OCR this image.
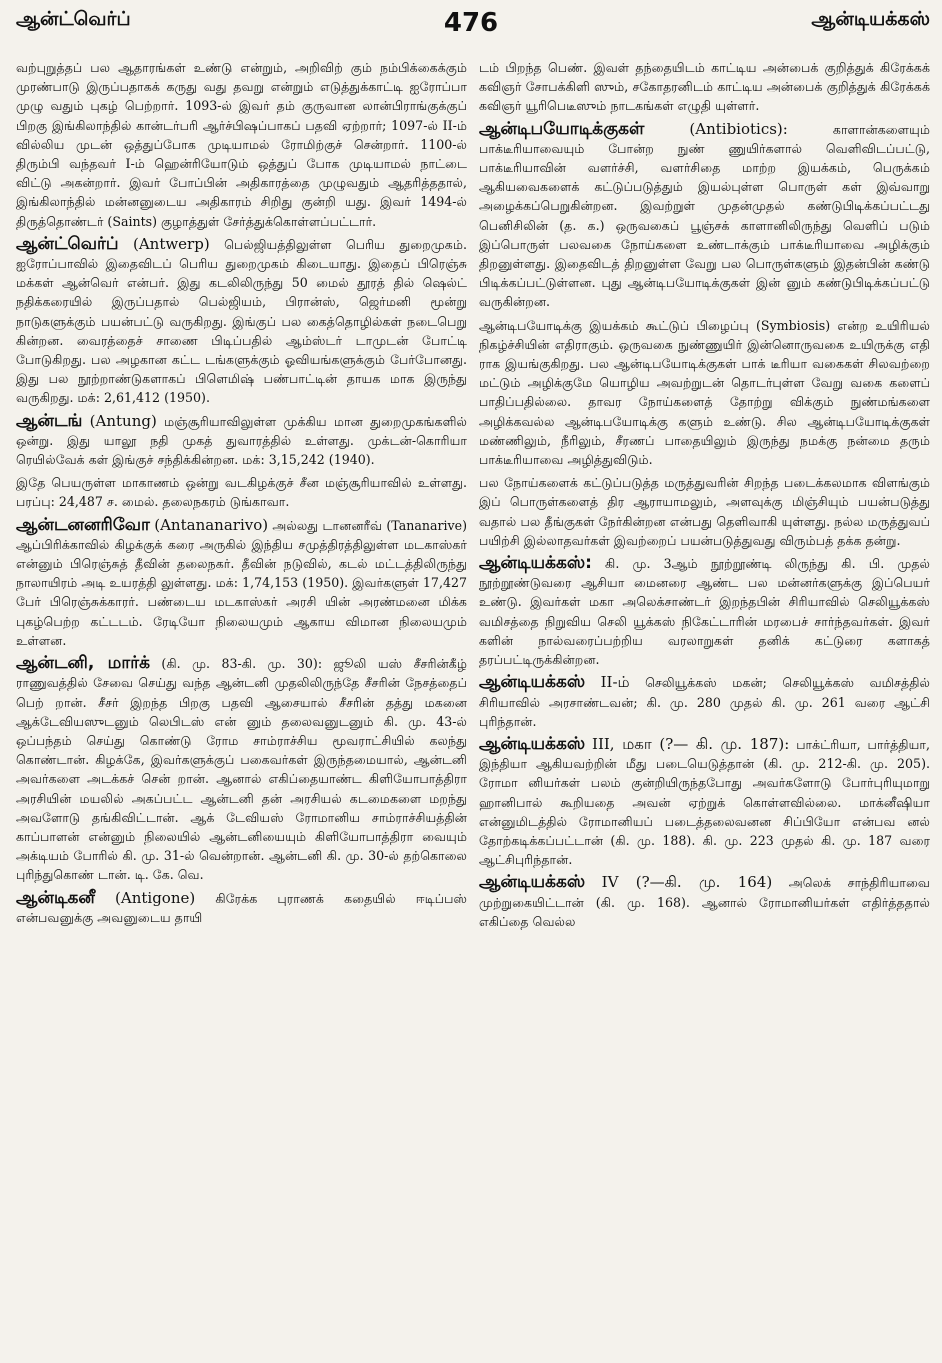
ஆன்ட்வெர்ப்	476	ஆன்டியக்கஸ்

வற்புறுத்தப் பல ஆதாரங்கள் உண்டு என்றும், அறிவிற் கும் நம்பிக்கைக்கும் முரண்பாடு இருப்பதாகக் கருது வது தவறு என்றும் எடுத்துக்காட்டி ஐரோப்பா முழு வதும் புகழ் பெற்றார். 1093-ல் இவர் தம் குருவான லான்பிராங்குக்குப் பிறகு இங்கிலாந்தில் கான்டர்பரி ஆர்ச்பிஷப்பாகப் பதவி ஏற்றார்; 1097-ல் II-ம் வில்லிய முடன் ஒத்துப்போக முடியாமல் ரோமிற்குச் சென்றார். 1100-ல் திரும்பி வந்தவர் I-ம் ஹென்ரியோடும் ஒத்துப் போக முடியாமல் நாட்டை விட்டு அகன்றார். இவர் போப்பின் அதிகாரத்தை முழுவதும் ஆதரித்ததால், இங்கிலாந்தில் மன்னனுடைய அதிகாரம் சிறிது குன்றி யது. இவர் 1494-ல் திருத்தொண்டர் (Saints) குழாத்துள் சேர்த்துக்கொள்ளப்பட்டார்.

ஆன்ட்வெர்ப் (Antwerp) பெல்ஜியத்திலுள்ள பெரிய துறைமுகம். ஐரோப்பாவில் இதைவிடப் பெரிய துறைமுகம் கிடையாது. இதைப் பிரெஞ்சு மக்கள் ஆன்வெர் என்பர். இது கடலிலிருந்து 50 மைல் தூரத் தில் ஷெல்ட் நதிக்கரையில் இருப்பதால் பெல்ஜியம், பிரான்ஸ், ஜெர்மனி மூன்று நாடுகளுக்கும் பயன்பட்டு வருகிறது. இங்குப் பல கைத்தொழில்கள் நடைபெறு கின்றன. வைரத்தைச் சாணை பிடிப்பதில் ஆம்ஸ்டர் டாமுடன் போட்டி போடுகிறது. பல அழகான கட்ட டங்களுக்கும் ஓவியங்களுக்கும் பேர்போனது. இது பல நூற்றாண்டுகளாகப் பிளெமிஷ் பண்பாட்டின் தாயக மாக இருந்து வருகிறது. மக்: 2,61,412 (1950).

ஆன்டங் (Antung) மஞ்சூரியாவிலுள்ள முக்கிய மான துறைமுகங்களில் ஒன்று. இது யாலூ நதி முகத் துவாரத்தில் உள்ளது. முக்டன்-கொரியா ரெயில்வேக் கள் இங்குச் சந்திக்கின்றன. மக்: 3,15,242 (1940).

இதே பெயருள்ள மாகாணம் ஒன்று வடகிழக்குச் சீன மஞ்சூரியாவில் உள்ளது. பரப்பு: 24,487 ச. மைல். தலைநகரம் டுங்காவா.

ஆன்டனனரிவோ (Antananarivo) அல்லது டானனரீவ் (Tananarive) ஆப்பிரிக்காவில் கிழக்குக் கரை அருகில் இந்திய சமுத்திரத்திலுள்ள மடகாஸ்கர் என்னும் பிரெஞ்சுத் தீவின் தலைநகர். தீவின் நடுவில், கடல் மட்டத்திலிருந்து நாலாயிரம் அடி உயரத்தி லுள்ளது. மக்: 1,74,153 (1950). இவர்களுள் 17,427 பேர் பிரெஞ்சுக்காரர். பண்டைய மடகாஸ்கர் அரசி யின் அரண்மனை மிக்க புகழ்பெற்ற கட்டடம். ரேடியோ நிலையமும் ஆகாய விமான நிலையமும் உள்ளன.

ஆன்டனி, மார்க் (கி. மு. 83-கி. மு. 30): ஜூலி யஸ் சீசரின்கீழ் ராணுவத்தில் சேவை செய்து வந்த ஆன்டனி முதலிலிருந்தே சீசரின் நேசத்தைப் பெற் றான். சீசர் இறந்த பிறகு பதவி ஆசையால் சீசரின் தத்து மகனை ஆக்டேவியஸுடனும் லெபிடஸ் என் னும் தலைவனுடனும் கி. மு. 43-ல் ஒப்பந்தம் செய்து கொண்டு ரோம சாம்ராச்சிய மூவராட்சியில் கலந்து கொண்டான். கிழக்கே, இவர்களுக்குப் பகைவர்கள் இருந்தமையால், ஆன்டனி அவர்களை அடக்கச் சென் றான். ஆனால் எகிப்தையாண்ட கிளியோபாத்திரா அரசியின் மயலில் அகப்பட்ட ஆன்டனி தன் அரசியல் கடமைகளை மறந்து அவளோடு தங்கிவிட்டான். ஆக் டேவியஸ் ரோமானிய சாம்ராச்சியத்தின் காப்பாளன் என்னும் நிலையில் ஆன்டனியையும் கிளியோபாத்திரா வையும் அக்டியம் போரில் கி. மு. 31-ல் வென்றான். ஆன்டனி கி. மு. 30-ல் தற்கொலை புரிந்துகொண் டான். டி. கே. வெ.

ஆன்டிகனீ (Antigone) கிரேக்க புராணக் கதையில் ஈடிப்பஸ் என்பவனுக்கு அவனுடைய தாயி

டம் பிறந்த பெண். இவள் தந்தையிடம் காட்டிய அன்பைக் குறித்துக் கிரேக்கக் கவிஞர் சோபக்கிளி ஸும், சகோதரனிடம் காட்டிய அன்பைக் குறித்துக் கிரேக்கக் கவிஞர் யூரிபெடீஸும் நாடகங்கள் எழுதி யுள்ளர்.

ஆன்டிபயோடிக்குகள்	(Antibiotics):	காளான்களையும் பாக்டீரியாவையும் போன்ற நுண் ணுயிர்களால் வெளிவிடப்பட்டு, பாக்டீரியாவின் வளர்ச்சி, வளர்சிதை மாற்ற இயக்கம், பெருக்கம் ஆகியவைகளைக் கட்டுப்படுத்தும் இயல்புள்ள பொருள் கள் இவ்வாறு அழைக்கப்பெறுகின்றன. இவற்றுள் முதன்முதல் கண்டுபிடிக்கப்பட்டது பெனிசிலின் (த. க.) ஒருவகைப் பூஞ்சக் காளானிலிருந்து வெளிப் படும் இப்பொருள் பலவகை நோய்களை உண்டாக்கும் பாக்டீரியாவை அழிக்கும் திறனுள்ளது. இதைவிடத் திறனுள்ள வேறு பல பொருள்களும் இதன்பின் கண்டு பிடிக்கப்பட்டுள்ளன. புது ஆன்டிபயோடிக்குகள் இன் னும் கண்டுபிடிக்கப்பட்டு வருகின்றன.

ஆன்டிபயோடிக்கு இயக்கம் கூட்டுப் பிழைப்பு (Symbiosis) என்ற உயிரியல் நிகழ்ச்சியின் எதிராகும். ஒருவகை நுண்ணுயிர் இன்னொருவகை உயிருக்கு எதி ராக இயங்குகிறது. பல ஆன்டிபயோடிக்குகள் பாக் டீரியா வகைகள் சிலவற்றை மட்டும் அழிக்குமே யொழிய அவற்றுடன் தொடர்புள்ள வேறு வகை களைப் பாதிப்பதில்லை. தாவர நோய்களைத் தோற்று விக்கும் நுண்மங்களை அழிக்கவல்ல ஆன்டிபயோடிக்கு களும் உண்டு. சில ஆன்டிபயோடிக்குகள் மண்ணிலும், நீரிலும், சீரணப் பாதையிலும் இருந்து நமக்கு நன்மை தரும் பாக்டீரியாவை அழித்துவிடும்.

பல நோய்களைக் கட்டுப்படுத்த மருத்துவரின் சிறந்த படைக்கலமாக விளங்கும் இப் பொருள்களைத் திர ஆராயாமலும், அளவுக்கு மிஞ்சியும் பயன்படுத்து வதால் பல தீங்குகள் நேர்கின்றன என்பது தெளிவாகி யுள்ளது. நல்ல மருத்துவப் பயிற்சி இல்லாதவர்கள் இவற்றைப் பயன்படுத்துவது விரும்பத் தக்க தன்று.

ஆன்டியக்கஸ்: கி. மு. 3ஆம் நூற்றூண்டி லிருந்து கி. பி. முதல் நூற்றூண்டுவரை ஆசியா மைனரை ஆண்ட பல மன்னர்களுக்கு இப்பெயர் உண்டு. இவர்கள் மகா அலெக்சாண்டர் இறந்தபின் சிரியாவில் செலியூக்கஸ் வமிசத்தை நிறுவிய செலி யூக்கஸ் நிகேட்டாரின் மரபைச் சார்ந்தவர்கள். இவர் களின் நால்வரைப்பற்றிய வரலாறுகள் தனிக் கட்டுரை களாகத் தரப்பட்டிருக்கின்றன.

ஆன்டியக்கஸ் II-ம் செலியூக்கஸ் மகன்; செலியூக்கஸ் வமிசத்தில் சிரியாவில் அரசாண்டவன்; கி. மு. 280 முதல் கி. மு. 261 வரை ஆட்சி புரிந்தான்.

ஆன்டியக்கஸ் III, மகா (?— கி. மு. 187): பாக்ட்ரியா, பார்த்தியா, இந்தியா ஆகியவற்றின் மீது படையெடுத்தான் (கி. மு. 212-கி. மு. 205). ரோமா னியர்கள் பலம் குன்றியிருந்தபோது அவர்களோடு போர்புரியுமாறு ஹானிபால் கூறியதை அவன் ஏற்றுக் கொள்ளவில்லை. மாக்னீஷியா என்னுமிடத்தில் ரோமானியப் படைத்தலைவனன சிப்பியோ என்பவ னல் தோற்கடிக்கப்பட்டான் (கி. மு. 188). கி. மு. 223 முதல் கி. மு. 187 வரை ஆட்சிபுரிந்தான்.

ஆன்டியக்கஸ் IV (?—கி. மு. 164) அலெக் சாந்திரியாவை முற்றுகையிட்டான் (கி. மு. 168). ஆனால் ரோமானியர்கள் எதிர்த்ததால் எகிப்தை வெல்ல
